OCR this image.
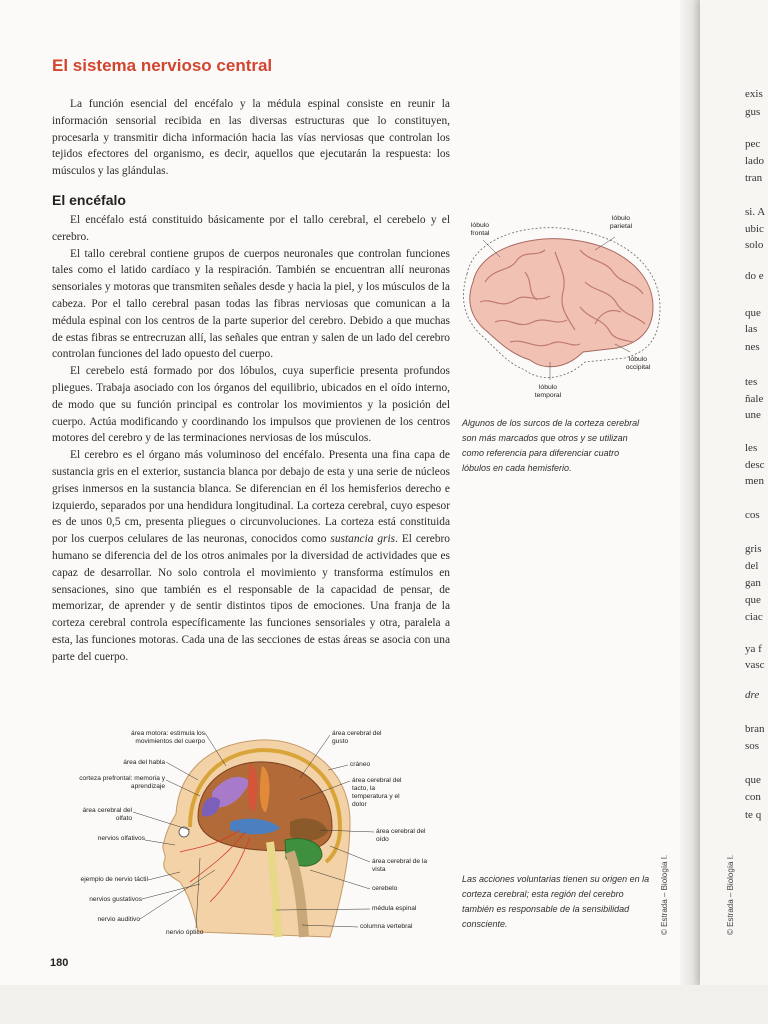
El sistema nervioso central

La función esencial del encéfalo y la médula espinal consiste en reunir la información sensorial recibida en las diversas estructuras que lo constituyen, procesarla y transmitir dicha información hacia las vías nerviosas que controlan los tejidos efectores del organismo, es decir, aquellos que ejecutarán la respuesta: los músculos y las glándulas.

El encéfalo

El encéfalo está constituido básicamente por el tallo cerebral, el cerebelo y el cerebro.

El tallo cerebral contiene grupos de cuerpos neuronales que controlan funciones tales como el latido cardíaco y la respiración. También se encuentran allí neuronas sensoriales y motoras que transmiten señales desde y hacia la piel, y los músculos de la cabeza. Por el tallo cerebral pasan todas las fibras nerviosas que comunican a la médula espinal con los centros de la parte superior del cerebro. Debido a que muchas de estas fibras se entrecruzan allí, las señales que entran y salen de un lado del cerebro controlan funciones del lado opuesto del cuerpo.

El cerebelo está formado por dos lóbulos, cuya superficie presenta profundos pliegues. Trabaja asociado con los órganos del equilibrio, ubicados en el oído interno, de modo que su función principal es controlar los movimientos y la posición del cuerpo. Actúa modificando y coordinando los impulsos que provienen de los centros motores del cerebro y de las terminaciones nerviosas de los músculos.

El cerebro es el órgano más voluminoso del encéfalo. Presenta una fina capa de sustancia gris en el exterior, sustancia blanca por debajo de esta y una serie de núcleos grises inmersos en la sustancia blanca. Se diferencian en él los hemisferios derecho e izquierdo, separados por una hendidura longitudinal. La corteza cerebral, cuyo espesor es de unos 0,5 cm, presenta pliegues o circunvoluciones. La corteza está constituida por los cuerpos celulares de las neuronas, conocidos como sustancia gris. El cerebro humano se diferencia del de los otros animales por la diversidad de actividades que es capaz de desarrollar. No solo controla el movimiento y transforma estímulos en sensaciones, sino que también es el responsable de la capacidad de pensar, de memorizar, de aprender y de sentir distintos tipos de emociones. Una franja de la corteza cerebral controla específicamente las funciones sensoriales y otra, paralela a esta, las funciones motoras. Cada una de las secciones de estas áreas se asocia con una parte del cuerpo.

lóbulo frontal
lóbulo parietal
lóbulo occipital
lóbulo temporal

Algunos de los surcos de la corteza cerebral son más marcados que otros y se utilizan como referencia para diferenciar cuatro lóbulos en cada hemisferio.

área motora: estimula los movimientos del cuerpo
área del habla
corteza prefrontal: memoria y aprendizaje
área cerebral del olfato
nervios olfativos
ejemplo de nervio táctil
nervios gustativos
nervio auditivo
nervio óptico
área cerebral del gusto
cráneo
área cerebral del tacto, la temperatura y el dolor
área cerebral del oído
área cerebral de la vista
cerebelo
médula espinal
columna vertebral

Las acciones voluntarias tienen su origen en la corteza cerebral; esta región del cerebro también es responsable de la sensibilidad consciente.

180
© Estrada – Biología I.	© Estrada – Biología I.
exis
gus
pec
lado
tran
si. A
ubic
solo
do e
que
las
nes
tes
ñale
une
les
desc
men
cos
gris
del
gan
que
ciac
ya f
vasc
dre
bran
sos
que
con
te q
